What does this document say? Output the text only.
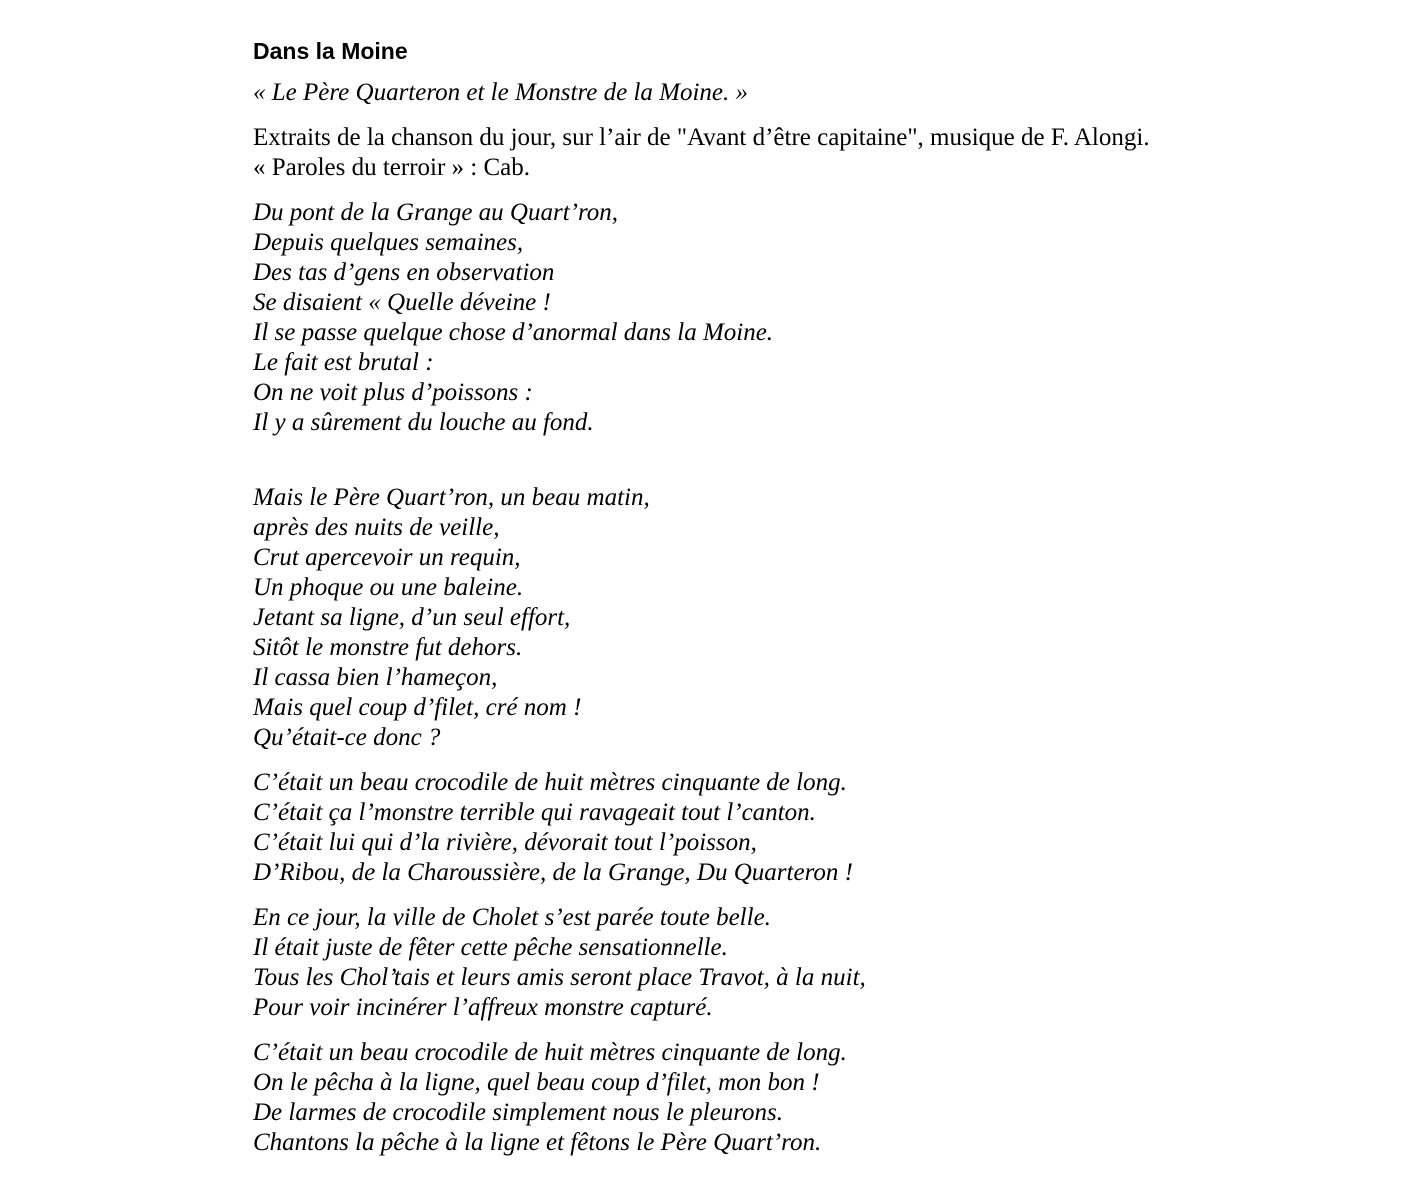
Dans la Moine
« Le Père Quarteron et le Monstre de la Moine. »
Extraits de la chanson du jour, sur l’air de "Avant d’être capitaine", musique de F. Alongi.
« Paroles du terroir » : Cab.
Du pont de la Grange au Quart’ron,
Depuis quelques semaines,
Des tas d’gens en observation
Se disaient « Quelle déveine !
Il se passe quelque chose d’anormal dans la Moine.
Le fait est brutal :
On ne voit plus d’poissons :
Il y a sûrement du louche au fond.
Mais le Père Quart’ron, un beau matin,
après des nuits de veille,
Crut apercevoir un requin,
Un phoque ou une baleine.
Jetant sa ligne, d’un seul effort,
Sitôt le monstre fut dehors.
Il cassa bien l’hameçon,
Mais quel coup d’filet, cré nom !
Qu’était-ce donc ?
C’était un beau crocodile de huit mètres cinquante de long.
C’était ça l’monstre terrible qui ravageait tout l’canton.
C’était lui qui d’la rivière, dévorait tout l’poisson,
D’Ribou, de la Charoussière, de la Grange, Du Quarteron !
En ce jour, la ville de Cholet s’est parée toute belle.
Il était juste de fêter cette pêche sensationnelle.
Tous les Chol’tais et leurs amis seront place Travot, à la nuit,
Pour voir incinérer l’affreux monstre capturé.
C’était un beau crocodile de huit mètres cinquante de long.
On le pêcha à la ligne, quel beau coup d’filet, mon bon !
De larmes de crocodile simplement nous le pleurons.
Chantons la pêche à la ligne et fêtons le Père Quart’ron.
